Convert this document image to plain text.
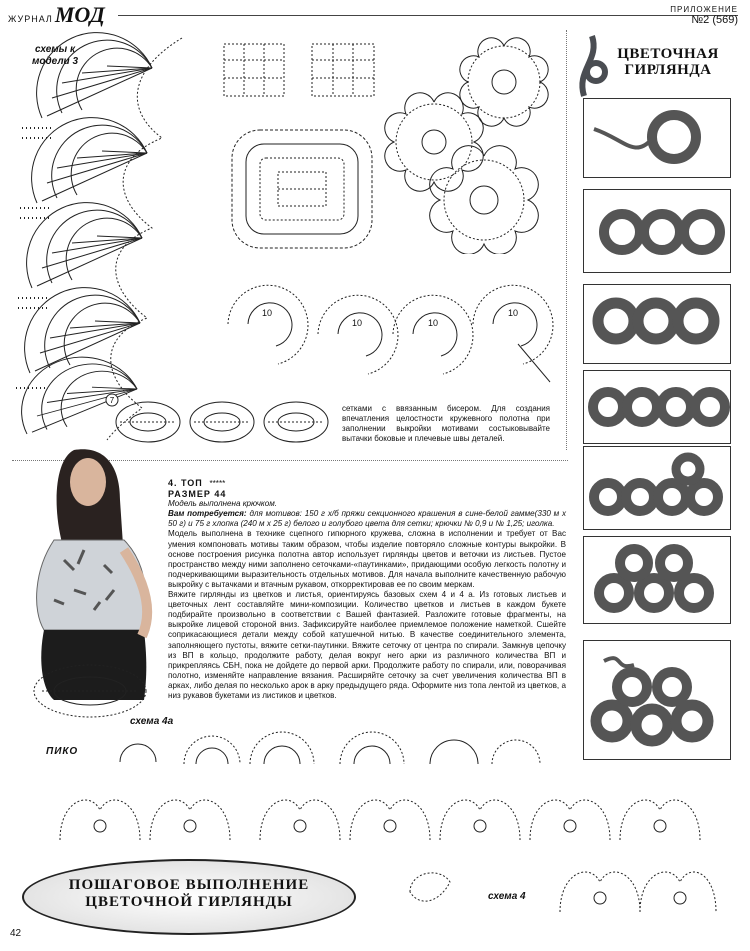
ЖУРНАЛМОД	ПРИЛОЖЕНИЕ
№2 (569)
схемы к модели 3
7
10
10	10
10
сетками с ввязанным бисером. Для создания впечатления целостности кружевного полотна при заполнении выкройки мотивами состыковывайте вытачки боковые и плечевые швы деталей.
ЦВЕТОЧНАЯ ГИРЛЯНДА
4. ТОП *****
РАЗМЕР 44
Модель выполнена крючком.

Вам потребуется: для мотивов: 150 г х/б пряжи секционного крашения в сине-белой гамме(330 м х 50 г) и 75 г хлопка (240 м х 25 г) белого и голубого цвета для сетки; крючки № 0,9 и № 1,25; иголка.

Модель выполнена в технике сцепного гипюрного кружева, сложна в исполнении и требует от Вас умения компоновать мотивы таким образом, чтобы изделие повторяло сложные контуры выкройки. В основе построения рисунка полотна автор использует гирлянды цветов и веточки из листьев. Пустое пространство между ними заполнено сеточками-«паутинками», придающими особую легкость полотну и подчеркивающими выразительность отдельных мотивов. Для начала выполните качественную рабочую выкройку с вытачками и втачным рукавом, откорректировав ее по своим меркам.

Вяжите гирлянды из цветков и листья, ориентируясь базовых схем 4 и 4 а. Из готовых листьев и цветочных лент составляйте мини-композиции. Количество цветков и листьев в каждом букете подбирайте произвольно в соответствии с Вашей фантазией. Разложите готовые фрагменты, на выкройке лицевой стороной вниз. Зафиксируйте наиболее приемлемое положение наметкой. Сшейте соприкасающиеся детали между собой катушечной нитью. В качестве соединительного элемента, заполняющего пустоты, вяжите сетки-паутинки. Вяжите сеточку от центра по спирали. Замкнув цепочку из ВП в кольцо, продолжите работу, делая вокруг него арки из различного количества ВП и прикрепляясь СБН, пока не дойдете до первой арки. Продолжите работу по спирали, или, поворачивая полотно, изменяйте направление вязания. Расширяйте сеточку за счет увеличения количества ВП в арках, либо делая по несколько арок в арку предыдущего ряда. Оформите низ топа лентой из цветков, а низ рукавов букетами из листиков и цветков.

схема 4а
ПИКО
схема 4
ПОШАГОВОЕ ВЫПОЛНЕНИЕ
ЦВЕТОЧНОЙ ГИРЛЯНДЫ
42
